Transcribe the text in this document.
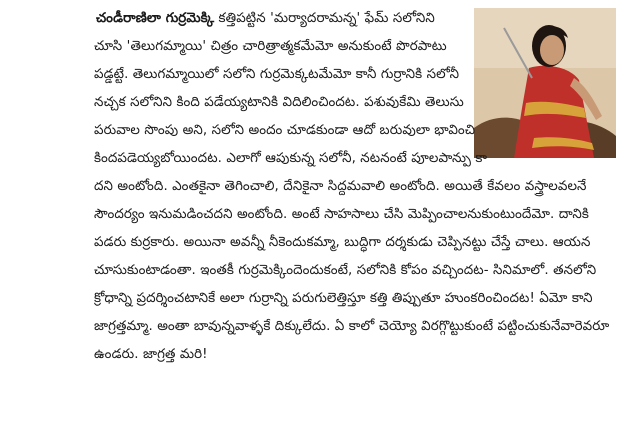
చండీరాణిలా గుర్రమెక్కి కత్తిపట్టిన 'మర్యాదరామన్న' ఫేమ్ సలోనిని
చూసి 'తెలుగమ్మాయి' చిత్రం చారిత్రాత్మకమేమో అనుకుంటే పొరపాటు
పడ్డట్టే. తెలుగమ్మాయిలో సలోని గుర్రమెక్కటమేమో కానీ గుర్రానికి సలోనీ
నచ్చక సలోనిని కింది పడేయ్యటానికి విదిలించిందట. పశువుకేమి తెలుసు
పరువాల సొంపు అని, సలోని అందం చూడకుండా ఆదో బరువులా భావించి
కిందపడెయ్యబోయిందట. ఎలాగో ఆపుకున్న సలోనీ, నటనంటే పూలపాన్పు కా
దని అంటోంది. ఎంతకైనా తెగించాలి, దేనికైనా సిద్దమవాలి అంటోంది. అయితే కేవలం వస్త్రాలవలనే
సౌందర్యం ఇనుమడించదని అంటోంది. అంటే సాహసాలు చేసి మెప్పించాలనుకుంటుందేమో. దానికి
పడరు కుర్రకారు. అయినా అవన్నీ నీకెందుకమ్మా, బుద్ధిగా దర్శకుడు చెప్పినట్టు చేస్తే చాలు. ఆయన
చూసుకుంటాడంతా. ఇంతకీ గుర్రమెక్కిందెందుకంటే, సలోనికి కోపం వచ్చిందట- సినిమాలో. తనలోని
క్రోధాన్ని ప్రదర్శించటానికే అలా గుర్రాన్ని పరుగులెత్తిస్తూ కత్తి తిప్పుతూ హుంకరించిందట! ఏమో కాని
జాగ్రత్తమ్మా. అంతా బావున్నవాళ్ళకే దిక్కులేదు. ఏ కాలో చెయ్యో విరగ్గొట్టుకుంటే పట్టించుకునేవారెవరూ
ఉండరు. జాగ్రత్త మరి!
